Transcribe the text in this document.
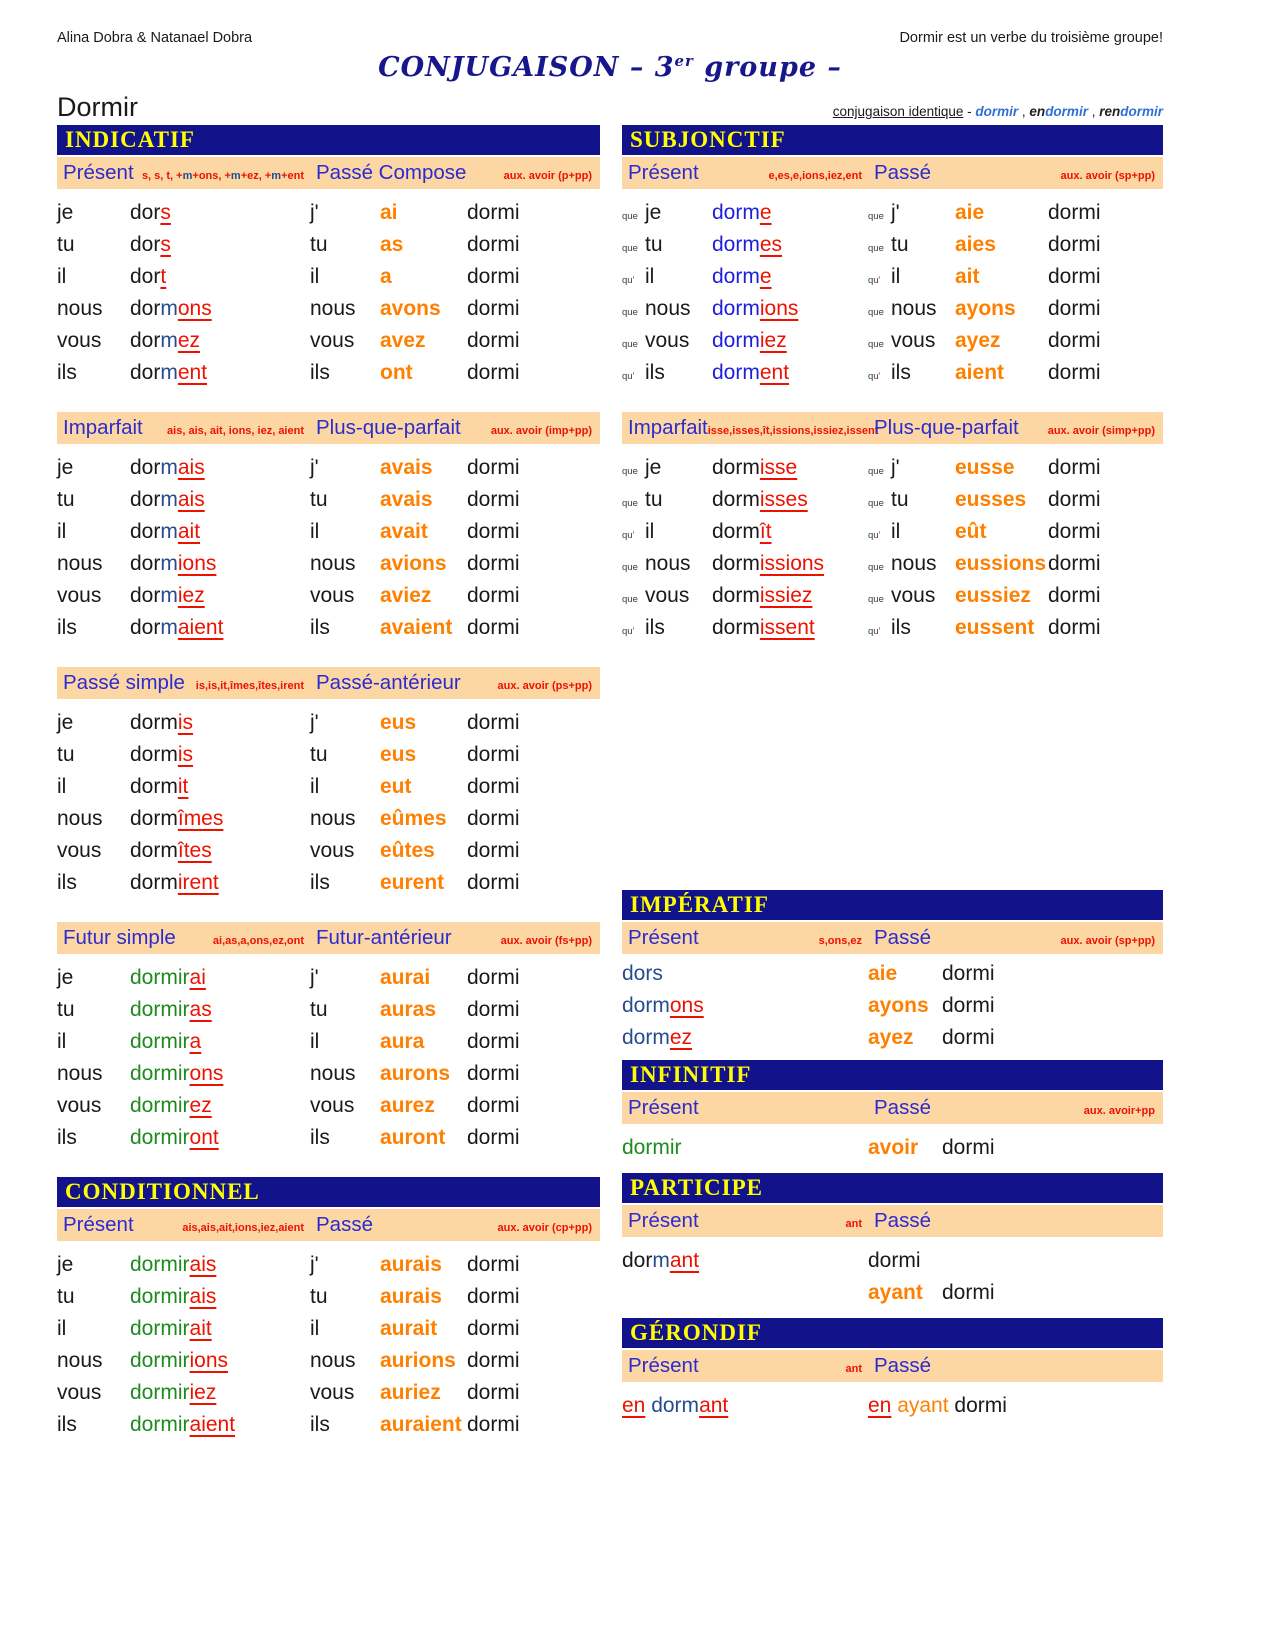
Alina Dobra & Natanael Dobra	Dormir est un verbe du troisième groupe!
CONJUGAISON – 3er groupe –
Dormir	conjugaison identique - dormir , endormir , rendormir
INDICATIF
Présent s, s, t, +m+ons, +m+ez, +m+ent Passé Compose	aux. avoir (p+pp)
je	dors	j'	ai	dormi
tu	dors	tu as	dormi
il	dort	il	a	dormi
nous dormons	nous avons	dormi
vous dormez	vous avez	dormi
ils	dorment	ils ont	dormi
Imparfait ais, ais, ait, ions, iez, aient Plus-que-parfait	aux. avoir (imp+pp)
je	dormais	j'	avais	dormi
tu	dormais	tu avais	dormi
il	dormait	il	avait	dormi
nous dormions	nous avions dormi
vous dormiez	vous aviez	dormi
ils	dormaient	ils avaient dormi
Passé simple is,is,it,îmes,îtes,irent Passé-antérieur	aux. avoir (ps+pp)
je	dormis	j'	eus	dormi
tu	dormis	tu eus	dormi
il	dormit	il	eut	dormi
nous dormîmes	nous eûmes dormi
vous dormîtes	vous eûtes	dormi
ils	dormirent	ils eurent	dormi
Futur simple	ai,as,a,ons,ez,ont Futur-antérieur	aux. avoir (fs+pp)
je	dormirai	j'	aurai	dormi
tu	dormiras	tu auras	dormi
il	dormira	il	aura	dormi
nous dormirons	nous aurons dormi
vous dormirez	vous aurez	dormi
ils	dormiront	ils auront	dormi
CONDITIONNEL
Présent	ais,ais,ait,ions,iez,aient Passé	aux. avoir (cp+pp)
je	dormirais	j'	aurais	dormi
tu	dormirais	tu aurais	dormi
il	dormirait	il	aurait	dormi
nous dormirions	nous aurions dormi
vous dormiriez	vous auriez	dormi
ils	dormiraient	ils auraient dormi
SUBJONCTIF
Présent	e,es,e,ions,iez,ent Passé	aux. avoir (sp+pp)
que je dorme	que j'	aie	dormi
que tu dormes	que tu aies	dormi
qu' il	dorme	qu' il	ait	dormi
que nous dormions	que nous ayons	dormi
que vous dormiez	que vous ayez	dormi
qu' ils dorment	qu' ils aient	dormi
Imparfait isse,isses,ît,issions,issiez,issent
Plus-que-parfait	aux. avoir (simp+pp)
que je dormisse	que j'	eusse	dormi
que tu dormisses	que tu eusses	dormi
qu' il	dormît	qu' il	eût	dormi
que nous dormissions	que nous eussions dormi
que vous dormissiez	que vous eussiez dormi
qu' ils dormissent	qu' ils eussent dormi
IMPÉRATIF
Présent	s,ons,ez Passé	aux. avoir (sp+pp)
dors	aie	dormi
dormons	ayons dormi
dormez	ayez	dormi
INFINITIF
Présent	Passé	aux. avoir+pp
dormir	avoir	dormi
PARTICIPE
Présent	ant Passé
dormant	dormi
ayant dormi
GÉRONDIF
Présent	ant Passé
en dormant	en ayant dormi
